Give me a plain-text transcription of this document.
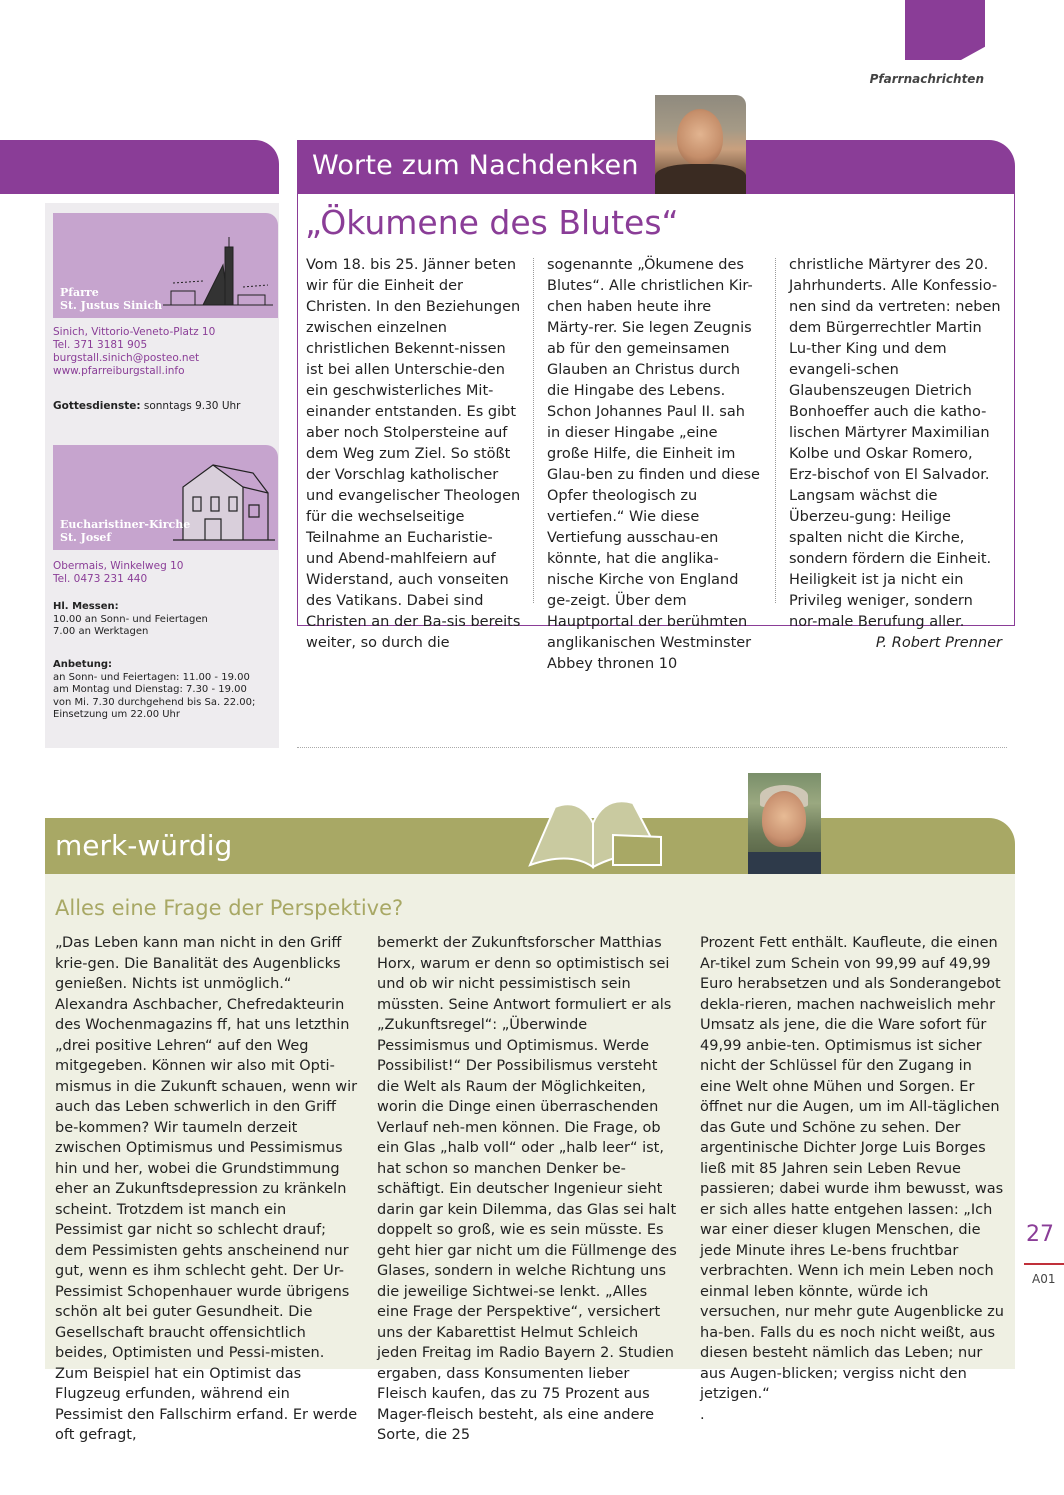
Pfarrnachrichten
Worte zum Nachdenken
„Ökumene des Blutes“

Vom 18. bis 25. Jänner beten wir für die Einheit der Christen. In den Beziehungen zwischen einzelnen christlichen Bekennt-nissen ist bei allen Unterschie-den ein geschwisterliches Mit-einander entstanden. Es gibt aber noch Stolpersteine auf dem Weg zum Ziel. So stößt der Vorschlag katholischer und evangelischer Theologen für die wechselseitige Teilnahme an Eucharistie- und Abend-mahlfeiern auf Widerstand, auch vonseiten des Vatikans. Dabei sind Christen an der Ba-sis bereits weiter, so durch die

sogenannte „Ökumene des Blutes“. Alle christlichen Kir-chen haben heute ihre Märty-rer. Sie legen Zeugnis ab für den gemeinsamen Glauben an Christus durch die Hingabe des Lebens. Schon Johannes Paul II. sah in dieser Hingabe „eine große Hilfe, die Einheit im Glau-ben zu finden und diese Opfer theologisch zu vertiefen.“ Wie diese Vertiefung ausschau-en könnte, hat die anglika-nische Kirche von England ge-zeigt. Über dem Hauptportal der berühmten anglikanischen Westminster Abbey thronen 10

christliche Märtyrer des 20. Jahrhunderts. Alle Konfessio-nen sind da vertreten: neben dem Bürgerrechtler Martin Lu-ther King und dem evangeli-schen Glaubenszeugen Dietrich Bonhoeffer auch die katho-lischen Märtyrer Maximilian Kolbe und Oskar Romero, Erz-bischof von El Salvador. Langsam wächst die Überzeu-gung: Heilige spalten nicht die Kirche, sondern fördern die Einheit. Heiligkeit ist ja nicht ein Privileg weniger, sondern nor-male Berufung aller.

P. Robert Prenner

Pfarre
St. Justus Sinich
Sinich, Vittorio-Veneto-Platz 10
Tel. 371 3181 905
burgstall.sinich@posteo.net
www.pfarreiburgstall.info
Gottesdienste: sonntags 9.30 Uhr
Eucharistiner-Kirche
St. Josef
Obermais, Winkelweg 10
Tel. 0473 231 440
Hl. Messen:
10.00 an Sonn- und Feiertagen
7.00 an Werktagen
Anbetung:
an Sonn- und Feiertagen: 11.00 - 19.00
am Montag und Dienstag: 7.30 - 19.00
von Mi. 7.30 durchgehend bis Sa. 22.00;
Einsetzung um 22.00 Uhr
merk-würdig
Alles eine Frage der Perspektive?

„Das Leben kann man nicht in den Griff krie-gen. Die Banalität des Augenblicks genießen. Nichts ist unmöglich.“ Alexandra Aschbacher, Chefredakteurin des Wochenmagazins ff, hat uns letzthin „drei positive Lehren“ auf den Weg mitgegeben. Können wir also mit Opti-mismus in die Zukunft schauen, wenn wir auch das Leben schwerlich in den Griff be-kommen? Wir taumeln derzeit zwischen Optimismus und Pessimismus hin und her, wobei die Grundstimmung eher an Zukunftsdepression zu kränkeln scheint. Trotzdem ist manch ein Pessimist gar nicht so schlecht drauf; dem Pessimisten gehts anscheinend nur gut, wenn es ihm schlecht geht. Der Ur-Pessimist Schopenhauer wurde übrigens schön alt bei guter Gesundheit. Die Gesellschaft braucht offensichtlich beides, Optimisten und Pessi-misten. Zum Beispiel hat ein Optimist das Flugzeug erfunden, während ein Pessimist den Fallschirm erfand. Er werde oft gefragt,

bemerkt der Zukunftsforscher Matthias Horx, warum er denn so optimistisch sei und ob wir nicht pessimistisch sein müssten. Seine Antwort formuliert er als „Zukunftsregel“: „Überwinde Pessimismus und Optimismus. Werde Possibilist!“ Der Possibilismus versteht die Welt als Raum der Möglichkeiten, worin die Dinge einen überraschenden Verlauf neh-men können. Die Frage, ob ein Glas „halb voll“ oder „halb leer“ ist, hat schon so manchen Denker be-schäftigt. Ein deutscher Ingenieur sieht darin gar kein Dilemma, das Glas sei halt doppelt so groß, wie es sein müsste. Es geht hier gar nicht um die Füllmenge des Glases, sondern in welche Richtung uns die jeweilige Sichtwei-se lenkt. „Alles eine Frage der Perspektive“, versichert uns der Kabarettist Helmut Schleich jeden Freitag im Radio Bayern 2. Studien ergaben, dass Konsumenten lieber Fleisch kaufen, das zu 75 Prozent aus Mager-fleisch besteht, als eine andere Sorte, die 25

Prozent Fett enthält. Kaufleute, die einen Ar-tikel zum Schein von 99,99 auf 49,99 Euro herabsetzen und als Sonderangebot dekla-rieren, machen nachweislich mehr Umsatz als jene, die die Ware sofort für 49,99 anbie-ten. Optimismus ist sicher nicht der Schlüssel für den Zugang in eine Welt ohne Mühen und Sorgen. Er öffnet nur die Augen, um im All-täglichen das Gute und Schöne zu sehen. Der argentinische Dichter Jorge Luis Borges ließ mit 85 Jahren sein Leben Revue passieren; dabei wurde ihm bewusst, was er sich alles hatte entgehen lassen: „Ich war einer dieser klugen Menschen, die jede Minute ihres Le-bens fruchtbar verbrachten. Wenn ich mein Leben noch einmal leben könnte, würde ich versuchen, nur mehr gute Augenblicke zu ha-ben. Falls du es noch nicht weißt, aus diesen besteht nämlich das Leben; nur aus Augen-blicken; vergiss nicht den jetzigen.“

.

27
A01
